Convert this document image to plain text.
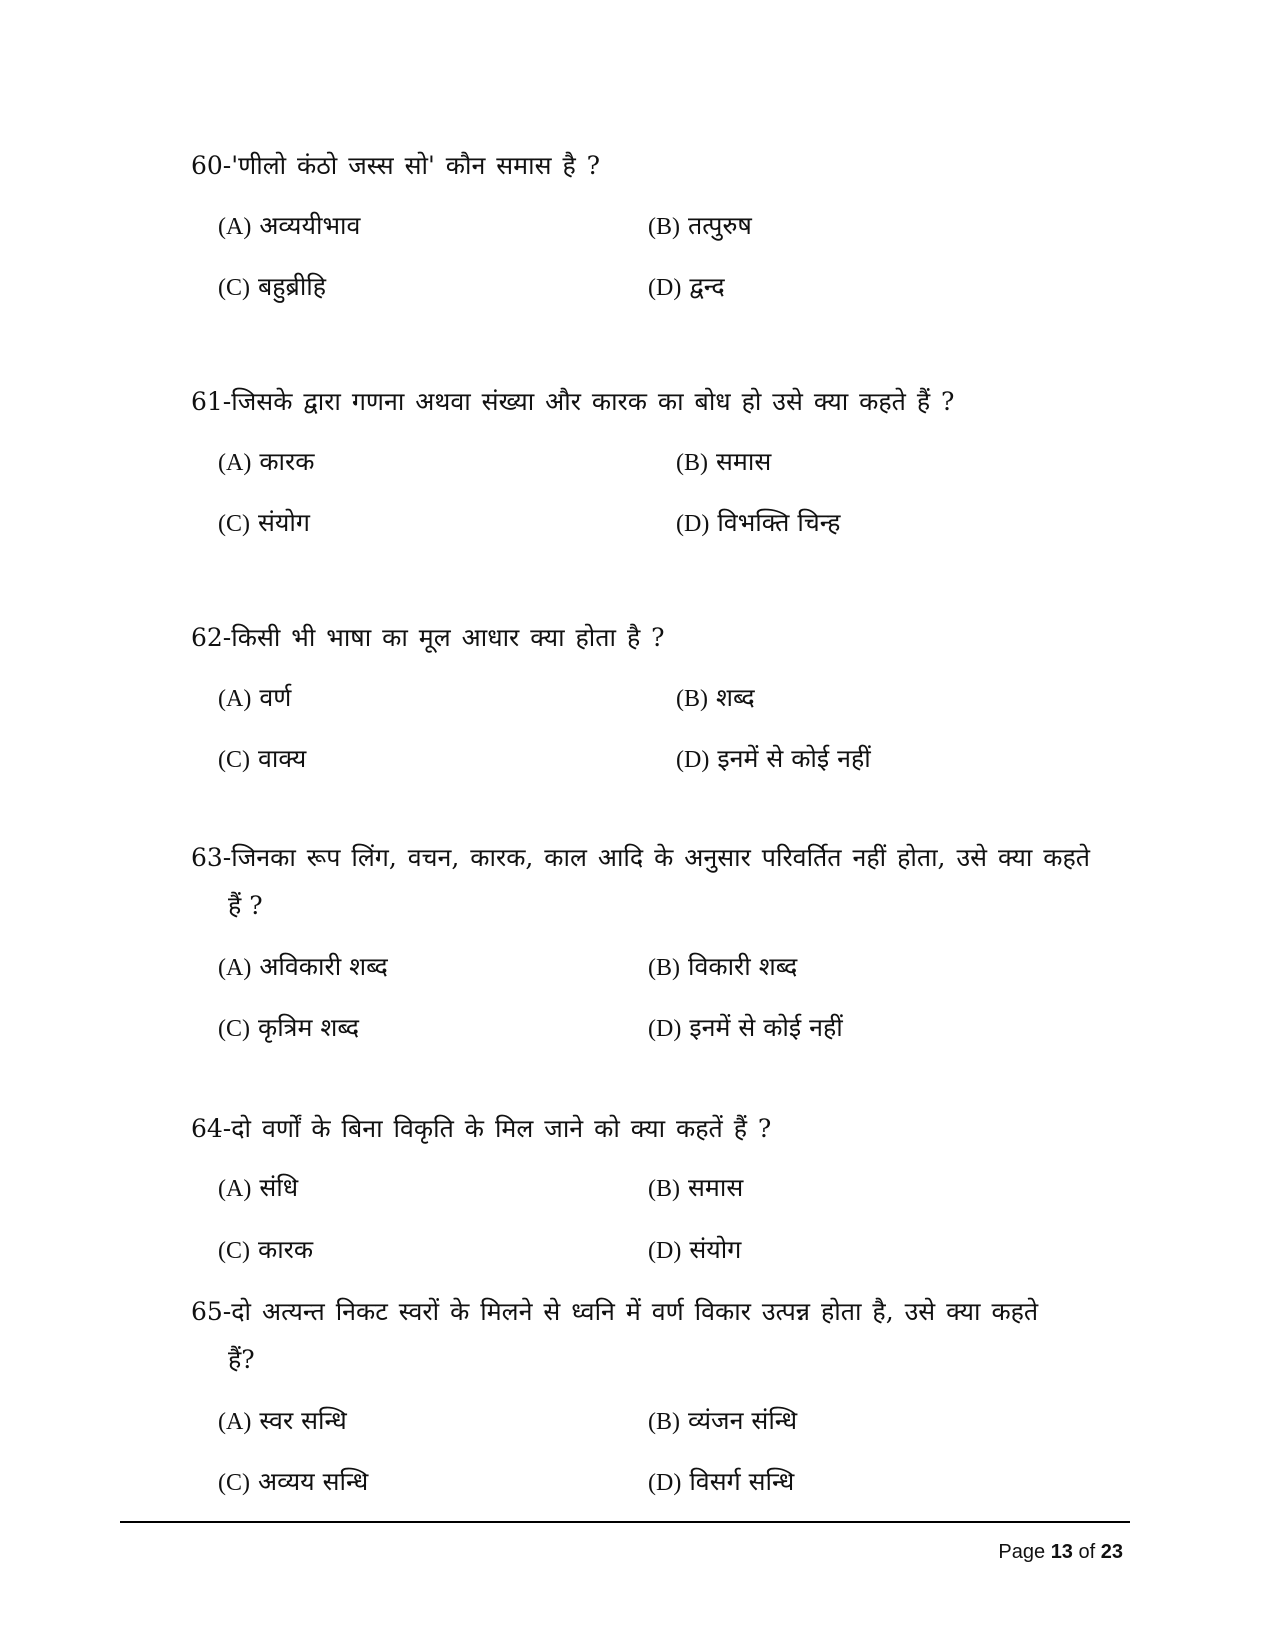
60-'णीलो कंठो जस्स सो' कौन समास है ?
(A) अव्ययीभाव	(B) तत्पुरुष
(C) बहुब्रीहि	(D) द्वन्द
61-जिसके द्वारा गणना अथवा संख्या और कारक का बोध हो उसे क्या कहते हैं ?
(A) कारक	(B) समास
(C) संयोग	(D) विभक्ति चिन्ह
62-किसी भी भाषा का मूल आधार क्या होता है ?
(A) वर्ण	(B) शब्द
(C) वाक्य	(D) इनमें से कोई नहीं
63-जिनका रूप लिंग, वचन, कारक, काल आदि के अनुसार परिवर्तित नहीं होता, उसे क्या कहते
हैं ?
(A) अविकारी शब्द	(B) विकारी शब्द
(C) कृत्रिम शब्द	(D) इनमें से कोई नहीं
64-दो वर्णों के बिना विकृति के मिल जाने को क्या कहतें हैं ?
(A) संधि	(B) समास
(C) कारक	(D) संयोग
65-दो अत्यन्त निकट स्वरों के मिलने से ध्वनि में वर्ण विकार उत्पन्न होता है, उसे क्या कहते
हैं?
(A) स्वर सन्धि	(B) व्यंजन संन्धि
(C) अव्यय सन्धि	(D) विसर्ग सन्धि
Page 13 of 23
